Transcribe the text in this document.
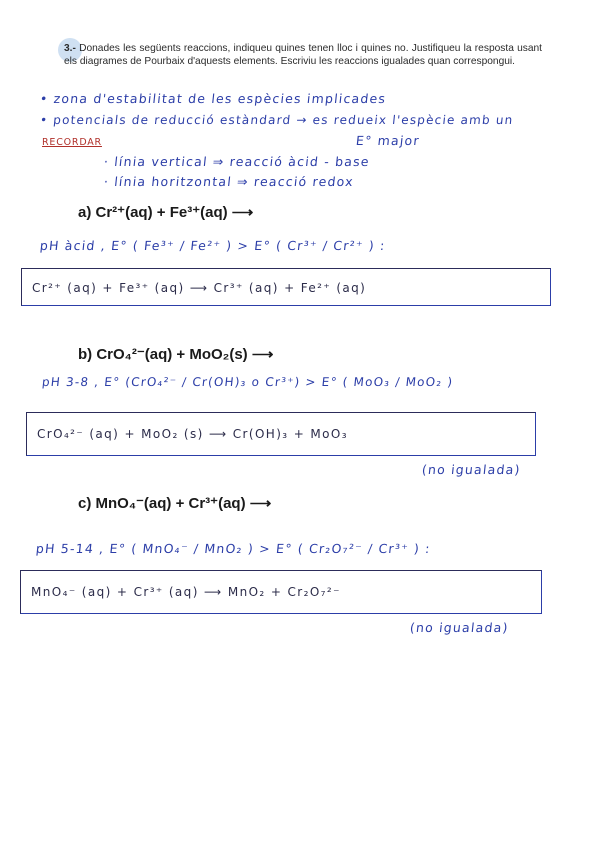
3.- Donades les següents reaccions, indiqueu quines tenen lloc i quines no. Justifiqueu la resposta usant els diagrames de Pourbaix d'aquests elements. Escriviu les reaccions igualades quan correspongui.
• zona d'estabilitat de les espècies implicades
• potencials de reducció estàndard → es redueix l'espècie amb un
E° major
RECORDAR
· línia vertical ⇒ reacció àcid - base
· línia horitzontal ⇒ reacció redox
a) Cr²⁺(aq) + Fe³⁺(aq) ⟶
pH àcid , E° ( Fe³⁺ / Fe²⁺ ) > E° ( Cr³⁺ / Cr²⁺ ) :
Cr²⁺ (aq) + Fe³⁺ (aq) ⟶ Cr³⁺ (aq) + Fe²⁺ (aq)
b) CrO₄²⁻(aq) + MoO₂(s) ⟶
pH 3-8 , E° (CrO₄²⁻ / Cr(OH)₃ o Cr³⁺) > E° ( MoO₃ / MoO₂ )
CrO₄²⁻ (aq) + MoO₂ (s) ⟶ Cr(OH)₃ + MoO₃
(no igualada)
c) MnO₄⁻(aq) + Cr³⁺(aq) ⟶
pH 5-14 , E° ( MnO₄⁻ / MnO₂ ) > E° ( Cr₂O₇²⁻ / Cr³⁺ ) :
MnO₄⁻ (aq) + Cr³⁺ (aq) ⟶ MnO₂ + Cr₂O₇²⁻
(no igualada)
